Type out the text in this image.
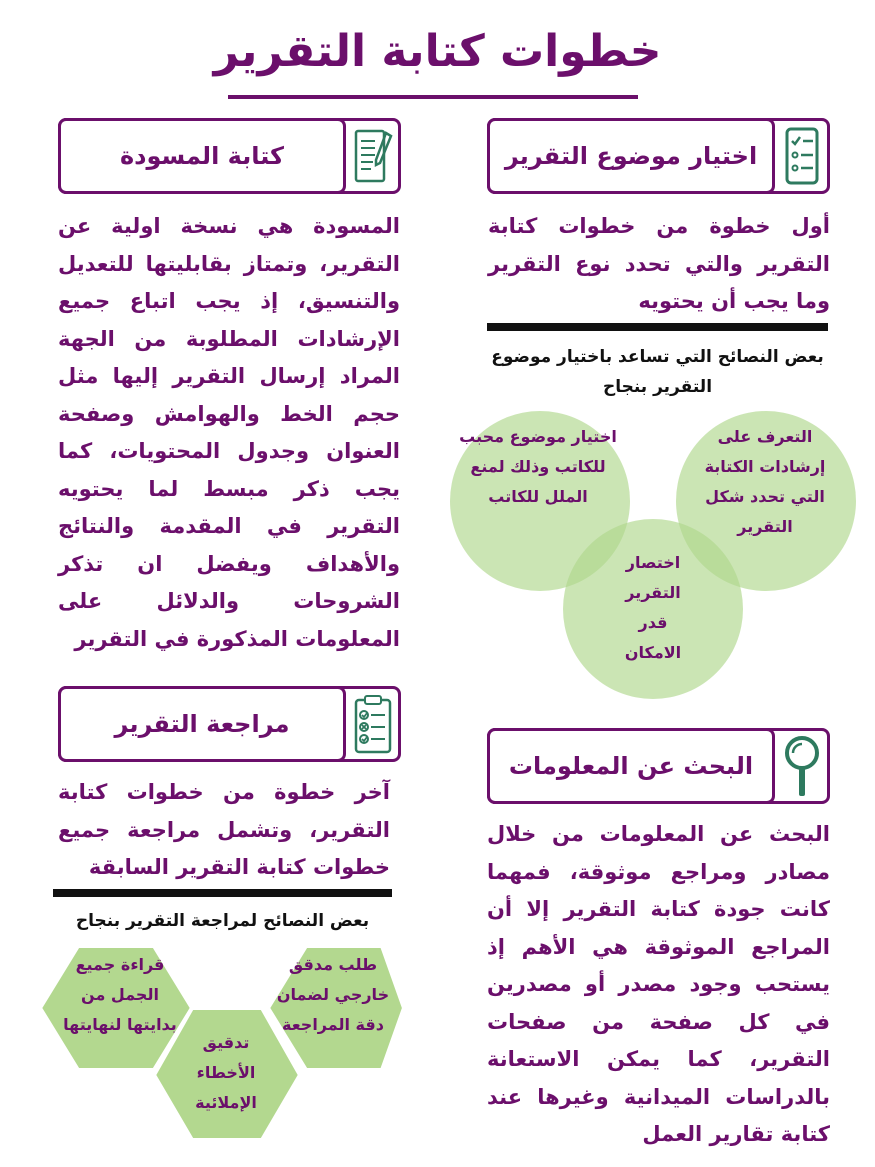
خطوات كتابة التقرير
اختيار موضوع التقرير
أول خطوة من خطوات كتابة التقرير والتي تحدد نوع التقرير وما يجب أن يحتويه
كتابة المسودة
المسودة هي نسخة اولية عن التقرير، وتمتاز بقابليتها للتعديل والتنسيق، إذ يجب اتباع جميع الإرشادات المطلوبة من الجهة المراد إرسال التقرير إليها مثل حجم الخط والهوامش وصفحة العنوان وجدول المحتويات، كما يجب ذكر مبسط لما يحتويه التقرير في المقدمة والنتائج والأهداف ويفضل ان تذكر الشروحات والدلائل على المعلومات المذكورة في التقرير
بعض النصائح التي تساعد باختيار موضوع التقرير بنجاح
التعرف على إرشادات الكتابة التي تحدد شكل التقرير
اختيار موضوع محبب للكاتب وذلك لمنع الملل للكاتب
اختصار التقرير قدر الامكان
مراجعة التقرير
آخر خطوة من خطوات كتابة التقرير، وتشمل مراجعة جميع خطوات كتابة التقرير السابقة
بعض النصائح لمراجعة التقرير بنجاح
طلب مدقق خارجي لضمان دقة المراجعة
قراءة جميع الجمل من بدايتها لنهايتها
تدقيق الأخطاء الإملائية
البحث عن المعلومات
البحث عن المعلومات من خلال مصادر ومراجع موثوقة، فمهما كانت جودة كتابة التقرير إلا أن المراجع الموثوقة هي الأهم إذ يستحب وجود مصدر أو مصدرين في كل صفحة من صفحات التقرير، كما يمكن الاستعانة بالدراسات الميدانية وغيرها عند كتابة تقارير العمل
